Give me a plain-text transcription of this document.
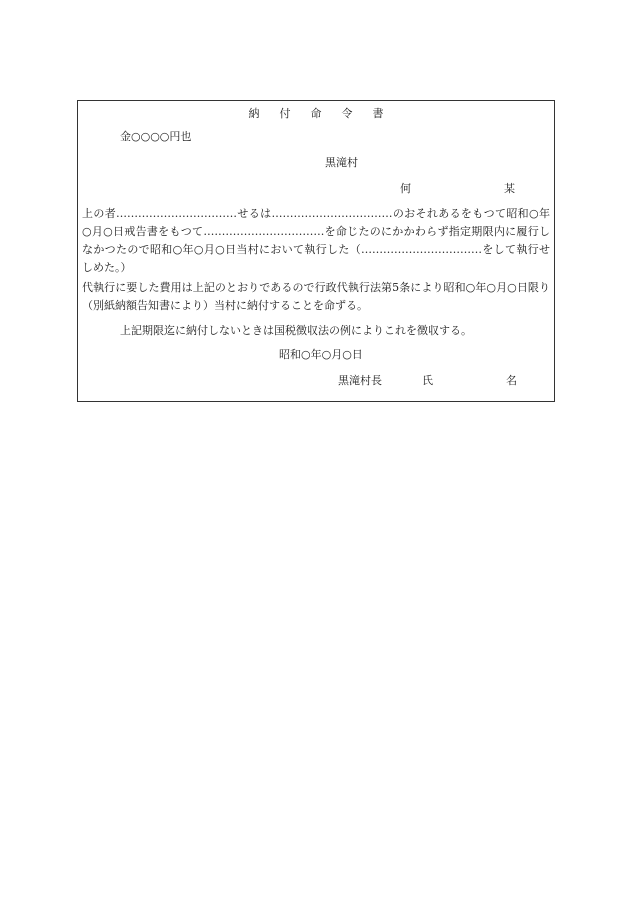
納 付 命 令 書
金○○○○円也
黒滝村
何	某
上の者……………………………せるは……………………………のおそれあるをもつて昭和○年○月○日戒告書をもつて……………………………を命じたのにかかわらず指定期限内に履行しなかつたので昭和○年○月○日当村において執行した（……………………………をして執行せしめた。）
代執行に要した費用は上記のとおりであるので行政代執行法第5条により昭和○年○月○日限り（別紙納額告知書により）当村に納付することを命ずる。
上記期限迄に納付しないときは国税徴収法の例によりこれを徴収する。
昭和○年○月○日
黒滝村長	氏	名
